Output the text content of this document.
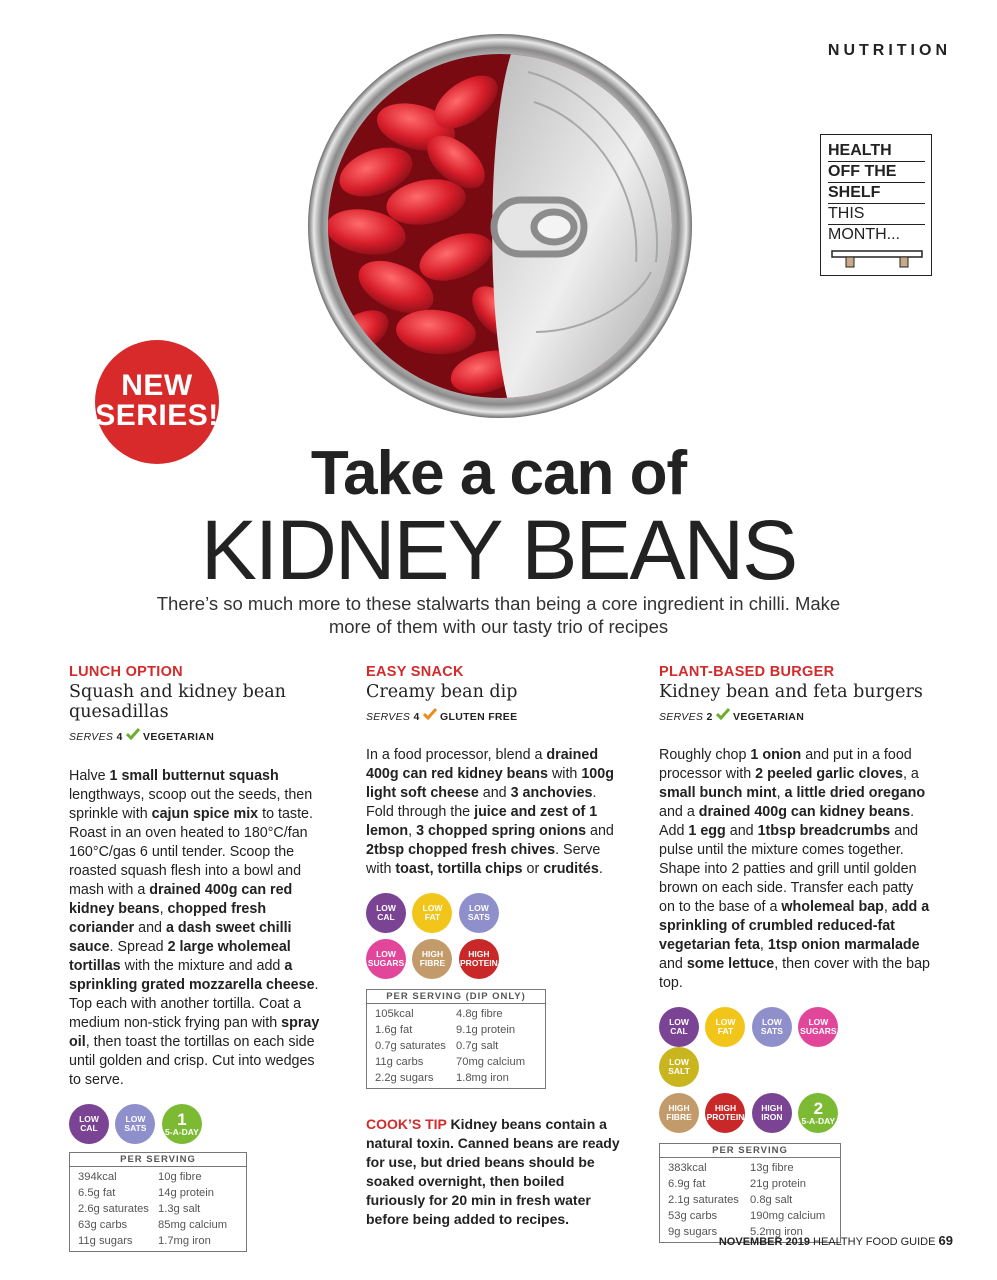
NUTRITION
HEALTH
OFF THE
SHELF
THIS
MONTH...
NEW
SERIES!
Take a can of
KIDNEY BEANS
There’s so much more to these stalwarts than being a core ingredient in chilli. Make more of them with our tasty trio of recipes
LUNCH OPTION
Squash and kidney bean quesadillas
SERVES 4 VEGETARIAN
Halve 1 small butternut squash lengthways, scoop out the seeds, then sprinkle with cajun spice mix to taste. Roast in an oven heated to 180°C/fan 160°C/gas 6 until tender. Scoop the roasted squash flesh into a bowl and mash with a drained 400g can red kidney beans, chopped fresh coriander and a dash sweet chilli sauce. Spread 2 large wholemeal tortillas with the mixture and add a sprinkling grated mozzarella cheese. Top each with another tortilla. Coat a medium non-stick frying pan with spray oil, then toast the tortillas on each side until golden and crisp. Cut into wedges to serve.
LOW
CAL

LOW
SATS
	1
5-A-DAY
PER SERVING
394kcal	10g fibre
6.5g fat	14g protein
2.6g saturates 1.3g salt
63g carbs	85mg calcium
11g sugars	1.7mg iron
EASY SNACK
Creamy bean dip
SERVES 4 GLUTEN FREE
In a food processor, blend a drained 400g can red kidney beans with 100g light soft cheese and 3 anchovies. Fold through the juice and zest of 1 lemon, 3 chopped spring onions and 2tbsp chopped fresh chives. Serve with toast, tortilla chips or crudités.
LOW
CAL

LOW
FAT

LOW
SATS
LOW
SUGARS

HIGH
FIBRE

HIGH
PROTEIN
PER SERVING (DIP ONLY)
105kcal	4.8g fibre
1.6g fat	9.1g protein
0.7g saturates 0.7g salt
11g carbs	70mg calcium
2.2g sugars	1.8mg iron
COOK’S TIP Kidney beans contain a natural toxin. Canned beans are ready for use, but dried beans should be soaked overnight, then boiled furiously for 20 min in fresh water before being added to recipes.
PLANT-BASED BURGER
Kidney bean and feta burgers
SERVES 2 VEGETARIAN
Roughly chop 1 onion and put in a food processor with 2 peeled garlic cloves, a small bunch mint, a little dried oregano and a drained 400g can kidney beans. Add 1 egg and 1tbsp breadcrumbs and pulse until the mixture comes together. Shape into 2 patties and grill until golden brown on each side. Transfer each patty on to the base of a wholemeal bap, add a sprinkling of crumbled reduced-fat vegetarian feta, 1tsp onion marmalade and some lettuce, then cover with the bap top.
LOW
CAL

LOW
FAT

LOW
SATS

LOW
SUGARS

LOW
SALT
HIGH
FIBRE

HIGH
PROTEIN

HIGH
IRON
	2
5-A-DAY
PER SERVING
383kcal	13g fibre
6.9g fat	21g protein
2.1g saturates 0.8g salt
53g carbs	190mg calcium
9g sugars	5.2mg iron
NOVEMBER 2019 HEALTHY FOOD GUIDE 69
